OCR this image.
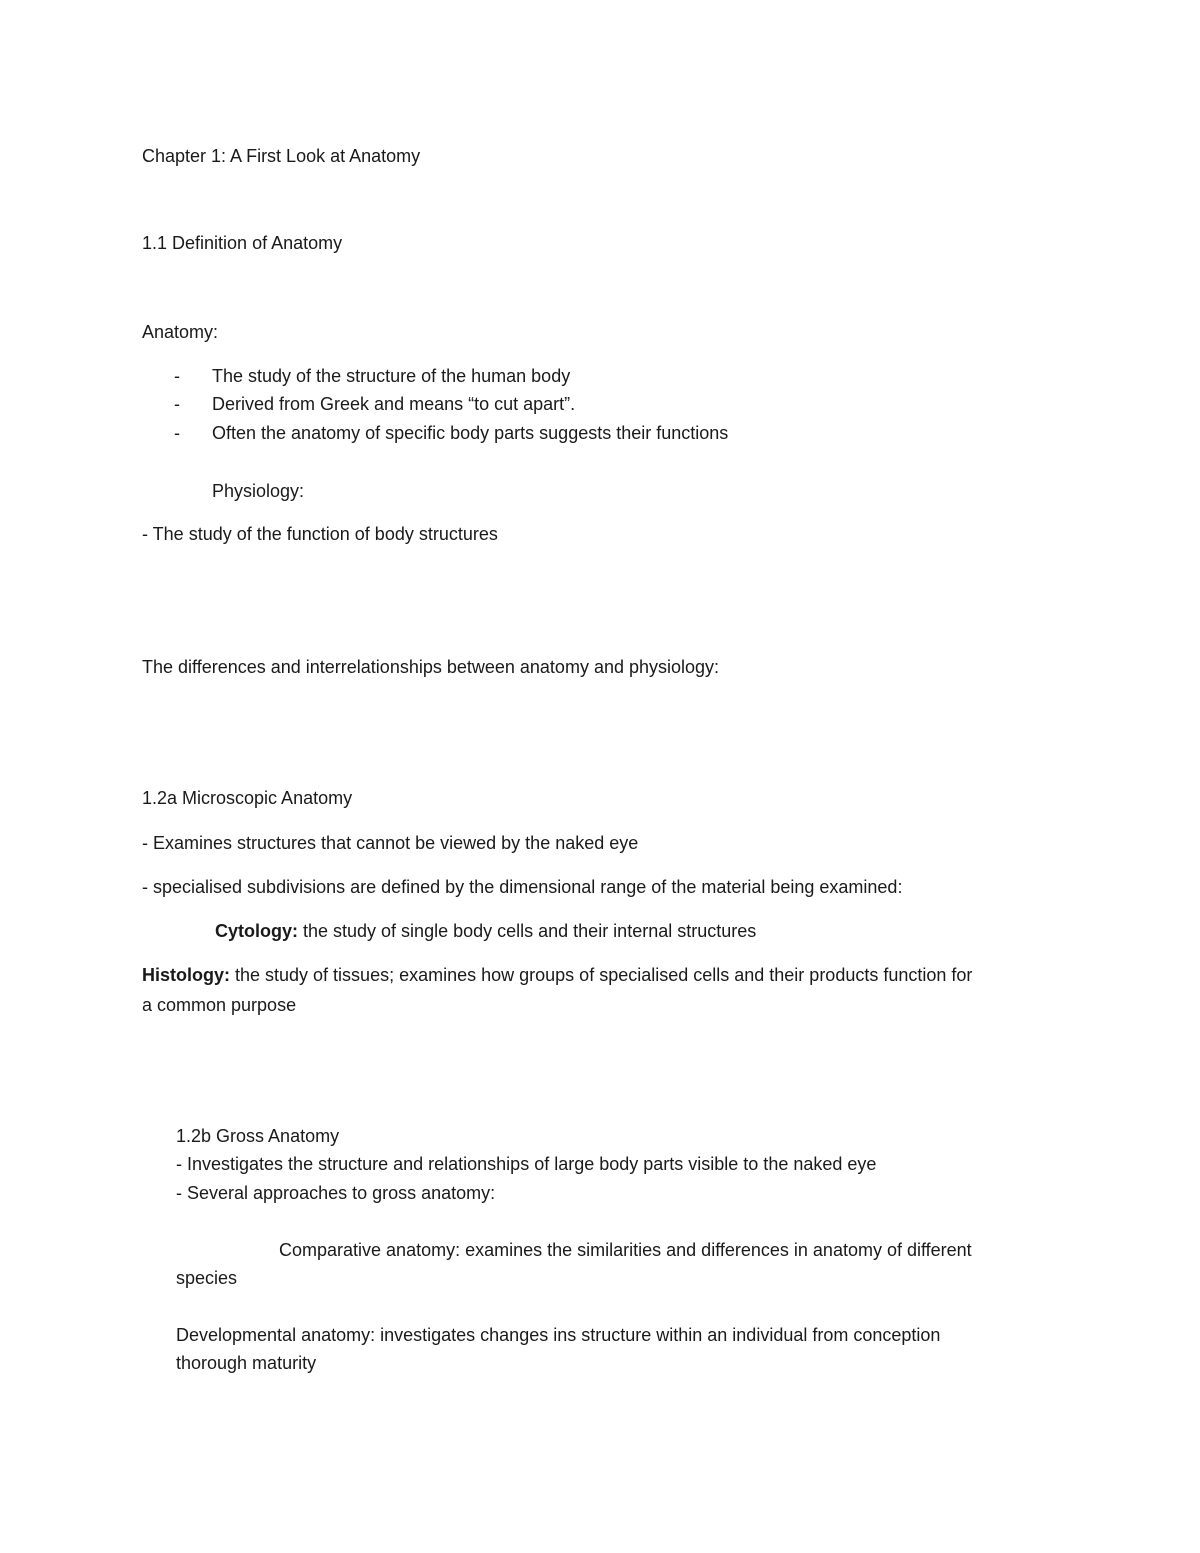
Chapter 1: A First Look at Anatomy
1.1 Definition of Anatomy
Anatomy:
- The study of the structure of the human body
- Derived from Greek and means “to cut apart”.
- Often the anatomy of specific body parts suggests their functions
Physiology:
- The study of the function of body structures
The differences and interrelationships between anatomy and physiology:
1.2a Microscopic Anatomy
- Examines structures that cannot be viewed by the naked eye
- specialised subdivisions are defined by the dimensional range of the material being examined:
Cytology: the study of single body cells and their internal structures
Histology: the study of tissues; examines how groups of specialised cells and their products function for
a common purpose
1.2b Gross Anatomy
- Investigates the structure and relationships of large body parts visible to the naked eye
- Several approaches to gross anatomy:
Comparative anatomy: examines the similarities and differences in anatomy of different
species
Developmental anatomy: investigates changes ins structure within an individual from conception
thorough maturity
